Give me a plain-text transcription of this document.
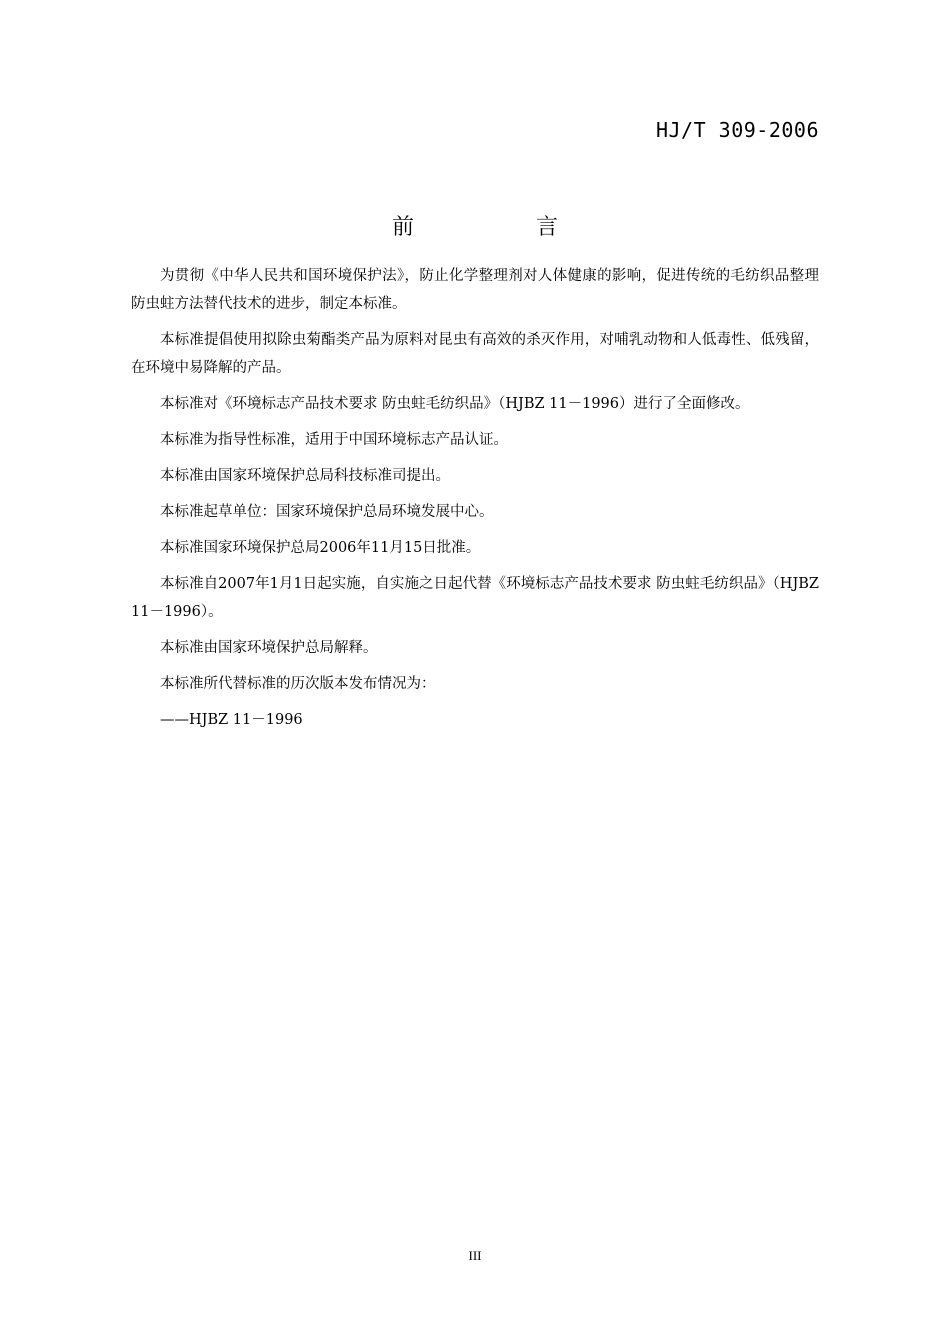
HJ/T 309-2006
前　言

为贯彻《中华人民共和国环境保护法》，防止化学整理剂对人体健康的影响，促进传统的毛纺织品整理防虫蛀方法替代技术的进步，制定本标准。

本标准提倡使用拟除虫菊酯类产品为原料对昆虫有高效的杀灭作用，对哺乳动物和人低毒性、低残留，在环境中易降解的产品。

本标准对《环境标志产品技术要求 防虫蛀毛纺织品》（HJBZ 11－1996）进行了全面修改。

本标准为指导性标准，适用于中国环境标志产品认证。

本标准由国家环境保护总局科技标准司提出。

本标准起草单位：国家环境保护总局环境发展中心。

本标准国家环境保护总局2006年11月15日批准。

本标准自2007年1月1日起实施，自实施之日起代替《环境标志产品技术要求 防虫蛀毛纺织品》（HJBZ 11－1996）。

本标准由国家环境保护总局解释。

本标准所代替标准的历次版本发布情况为：

——HJBZ 11－1996

III
